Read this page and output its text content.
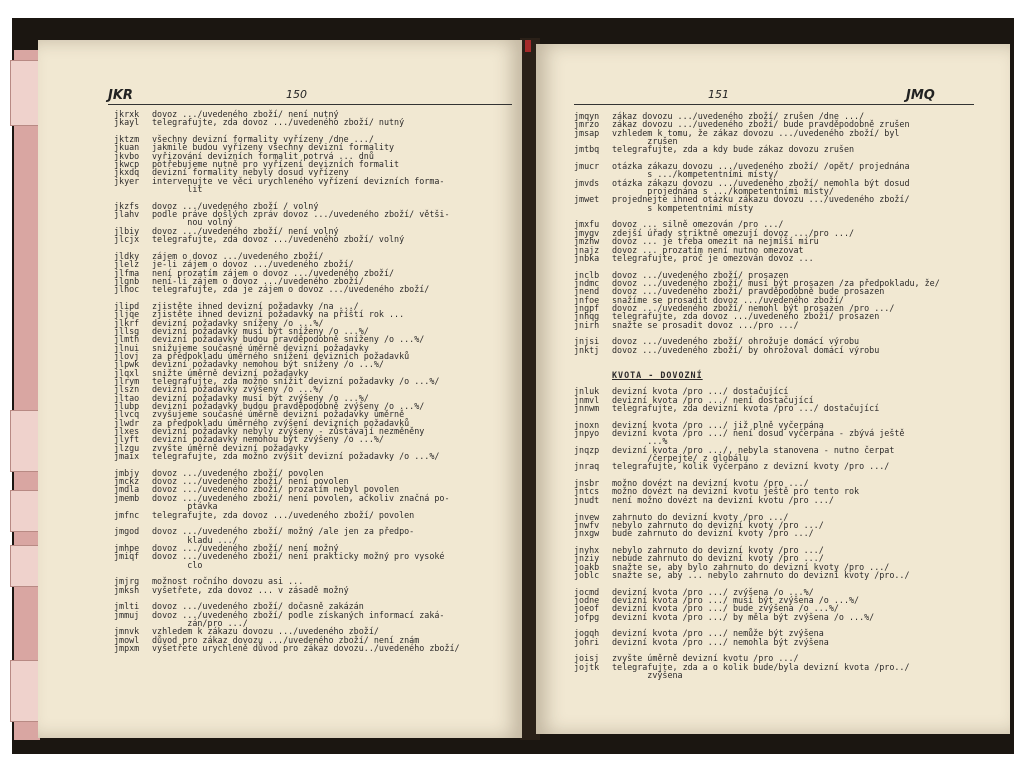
JKR	150
jkrxk	dovoz .../uvedeného zboží/ není nutný
jkayl	telegrafujte, zda dovoz .../uvedeného zboží/ nutný
jktzm	všechny devizní formality vyřízeny /dne .../
jkuan	jakmile budou vyřízeny všechny devizní formality
jkvbo	vyřizování devizních formalit potrvá ... dnů
jkwcp	potřebujeme nutně pro vyřízení devizních formalit
jkxdq	devizní formality nebyly dosud vyřízeny
jkyer	intervenujte ve věci urychleného vyřízení devizních forma-
lit
jkzfs	dovoz .../uvedeného zboží / volný
jlahv	podle práve došlých zpráv dovoz .../uvedeného zboží/ větši-
nou volný
jlbiy	dovoz .../uvedeného zboží/ není volný
jlcjx	telegrafujte, zda dovoz .../uvedeného zboží/ volný
jldky	zájem o dovoz .../uvedeného zboží/
jlelz	je-li zájem o dovoz .../uvedeného zboží/
jlfma	není prozatím zájem o dovoz .../uvedeného zboží/
jlgnb	není-li zájem o dovoz .../uvedeného zboží/
jlhoc	telegrafujte, zda je zájem o dovoz .../uvedeného zboží/
jlipd	zjistěte ihned devizní požadavky /na .../
jljqe	zjistěte ihned devizní požadavky na příští rok ...
jlkrf	devizní požadavky sníženy /o ...%/
jllsg	devizní požadavky musí být sníženy /o ...%/
jlmth	devizní požadavky budou pravděpodobně sníženy /o ...%/
jlnui	snižujeme současné úměrně devizní požadavky
jlovj	za předpokladu úměrného snížení devizních požadavků
jlpwk	devizní požadavky nemohou být sníženy /o ...%/
jlqxl	snižte úměrně devizní požadavky
jlrym	telegrafujte, zda možno snížit devizní požadavky /o ...%/
jlszn	devizní požadavky zvýšeny /o ...%/
jltao	devizní požadavky musí být zvýšeny /o ...%/
jlubp	devizní požadavky budou pravděpodobně zvýšeny /o ...%/
jlvcq	zvyšujeme současné úměrně devizní požadavky úměrně
jlwdr	za předpokladu úměrného zvýšení devizních požadavků
jlxes	devizní požadavky nebyly zvýšeny - zůstávají nezměněny
jlyft	devizní požadavky nemohou být zvýšeny /o ...%/
jlzgu	zvyšte úměrně devizní požadavky
jmaix	telegrafujte, zda možno zvýšit devizní požadavky /o ...%/
jmbjy	dovoz .../uvedeného zboží/ povolen
jmckz	dovoz .../uvedeného zboží/ není povolen
jmdla	dovoz .../uvedeného zboží/ prozatím nebyl povolen
jmemb	dovoz .../uvedeného zboží/ není povolen, ačkoliv značná po-
ptávka
jmfnc	telegrafujte, zda dovoz .../uvedeného zboží/ povolen
jmgod	dovoz .../uvedeného zboží/ možný /ale jen za předpo-
kladu .../
jmhpe	dovoz .../uvedeného zboží/ není možný
jmiqf	dovoz .../uvedeného zboží/ není prakticky možný pro vysoké
clo
jmjrg	možnost ročního dovozu asi ...
jmksh	vyšetřete, zda dovoz ... v zásadě možný
jmlti	dovoz .../uvedeného zboží/ dočasně zakázán
jmmuj	dovoz .../uvedeného zboží/ podle získaných informací zaká-
zán/pro .../
jmnvk	vzhledem k zákazu dovozu .../uvedeného zboží/
jmowl	důvod pro zákaz dovozu .../uvedeného zboží/ není znám
jmpxm	vyšetřete urychleně důvod pro zákaz dovozu../uvedeného zboží/
151	JMQ
jmqyn	zákaz dovozu .../uvedeného zboží/ zrušen /dne .../
jmrzo	zákaz dovozu .../uvedeného zboží/ bude pravděpodobně zrušen
jmsap	vzhledem k tomu, že zákaz dovozu .../uvedeného zboží/ byl
zrušen
jmtbq	telegrafujte, zda a kdy bude zákaz dovozu zrušen
jmucr	otázka zákazu dovozu .../uvedeného zboží/ /opět/ projednána
s .../kompetentními místy/
jmvds	otázka zákazu dovozu .../uvedeného zboží/ nemohla být dosud
projednána s .../kompetentními místy/
jmwet	projednejte ihned otázku zákazu dovozu .../uvedeného zboží/
s kompetentními místy
jmxfu	dovoz ... silně omezován /pro .../
jmygv	zdejší úřady striktně omezují dovoz .../pro .../
jmzhw	dovoz ... je třeba omezit na nejmíší míru
jnajz	dovoz ... prozatím není nutno omezovat
jnbka	telegrafujte, proč je omezován dovoz ...
jnclb	dovoz .../uvedeného zboží/ prosazen
jndmc	dovoz .../uvedeného zboží/ musí být prosazen /za předpokladu, že/
jnend	dovoz .../uvedeného zboží/ pravděpodobně bude prosazen
jnfoe	snažíme se prosadit dovoz .../uvedeného zboží/
jngpf	dovoz .../uvedeného zboží/ nemohl být prosazen /pro .../
jnhqg	telegrafujte, zda dovoz .../uvedeného zboží/ prosazen
jnirh	snažte se prosadit dovoz .../pro .../
jnjsi	dovoz .../uvedeného zboží/ ohrožuje domácí výrobu
jnktj	dovoz .../uvedeného zboží/ by ohrožoval domácí výrobu
KVOTA - DOVOZNÍ
jnluk	devizní kvota /pro .../ dostačující
jnmvl	devizní kvota /pro .../ není dostačující
jnnwm	telegrafujte, zda devizní kvota /pro .../ dostačující
jnoxn	devizní kvota /pro .../ již plně vyčerpána
jnpyo	devizní kvota /pro .../ není dosud vyčerpána - zbývá ještě
...%
jnqzp	devizní kvota /pro .../, nebyla stanovena - nutno čerpat
/čerpejte/ z globálu
jnraq	telegrafujte, kolik vyčerpáno z devizní kvoty /pro .../
jnsbr	možno dovézt na devizní kvotu /pro .../
jntcs	možno dovézt na devizní kvotu ještě pro tento rok
jnudt	není možno dovézt na devizní kvotu /pro .../
jnvew	zahrnuto do devizní kvoty /pro .../
jnwfv	nebylo zahrnuto do devizní kvoty /pro .../
jnxgw	bude zahrnuto do devizní kvoty /pro .../
jnyhx	nebylo zahrnuto do devizní kvoty /pro .../
jnziy	nebude zahrnuto do devizní kvoty /pro .../
joakb	snažte se, aby bylo zahrnuto do devizní kvoty /pro .../
joblc	snažte se, aby ... nebylo zahrnuto do devizní kvoty /pro../
jocmd	devizní kvota /pro .../ zvýšena /o ...%/
jodne	devizní kvota /pro .../ musí být zvýšena /o ...%/
joeof	devizní kvota /pro .../ bude zvýšena /o ...%/
jofpg	devizní kvota /pro .../ by měla být zvýšena /o ...%/
jogqh	devizní kvota /pro .../ nemůže být zvýšena
johri	devizní kvota /pro .../ nemohla být zvýšena
joisj	zvyšte úměrně devizní kvotu /pro .../
jojtk	telegrafujte, zda a o kolik bude/byla devizní kvota /pro../
zvýšena
